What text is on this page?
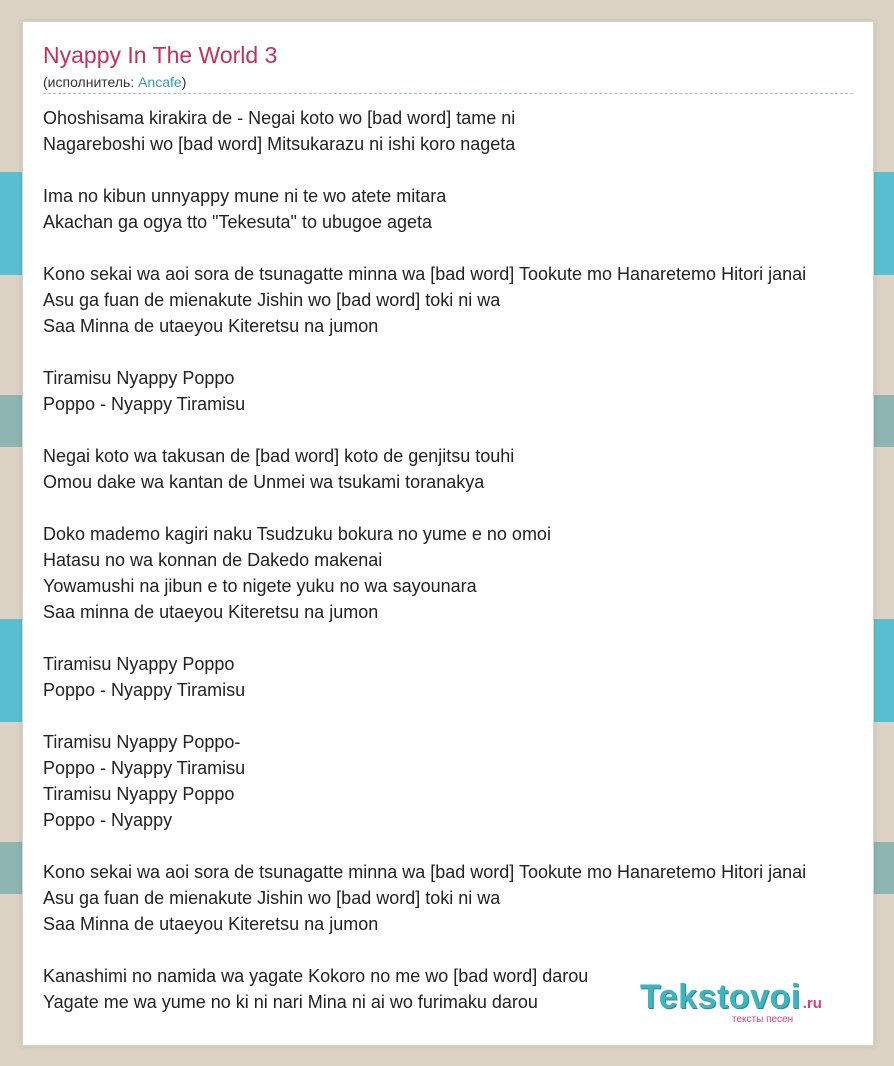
Nyappy In The World 3
(исполнитель: Ancafe)
Ohoshisama kirakira de - Negai koto wo [bad word] tame ni
Nagareboshi wo [bad word] Mitsukarazu ni ishi koro nageta
Ima no kibun unnyappy mune ni te wo atete mitara
Akachan ga ogya tto "Tekesuta" to ubugoe ageta
Kono sekai wa aoi sora de tsunagatte minna wa [bad word] Tookute mo Hanaretemo Hitori janai
Asu ga fuan de mienakute Jishin wo [bad word] toki ni wa
Saa Minna de utaeyou Kiteretsu na jumon
Tiramisu Nyappy Poppo
Poppo - Nyappy Tiramisu
Negai koto wa takusan de [bad word] koto de genjitsu touhi
Omou dake wa kantan de Unmei wa tsukami toranakya
Doko mademo kagiri naku Tsudzuku bokura no yume e no omoi
Hatasu no wa konnan de Dakedo makenai
Yowamushi na jibun e to nigete yuku no wa sayounara
Saa minna de utaeyou Kiteretsu na jumon
Tiramisu Nyappy Poppo
Poppo - Nyappy Tiramisu
Tiramisu Nyappy Poppo-
Poppo - Nyappy Tiramisu
Tiramisu Nyappy Poppo
Poppo - Nyappy
Kono sekai wa aoi sora de tsunagatte minna wa [bad word] Tookute mo Hanaretemo Hitori janai
Asu ga fuan de mienakute Jishin wo [bad word] toki ni wa
Saa Minna de utaeyou Kiteretsu na jumon
Kanashimi no namida wa yagate Kokoro no me wo [bad word] darou
Yagate me wa yume no ki ni nari Mina ni ai wo furimaku darou	Tekstovoi .ru
тексты песен
